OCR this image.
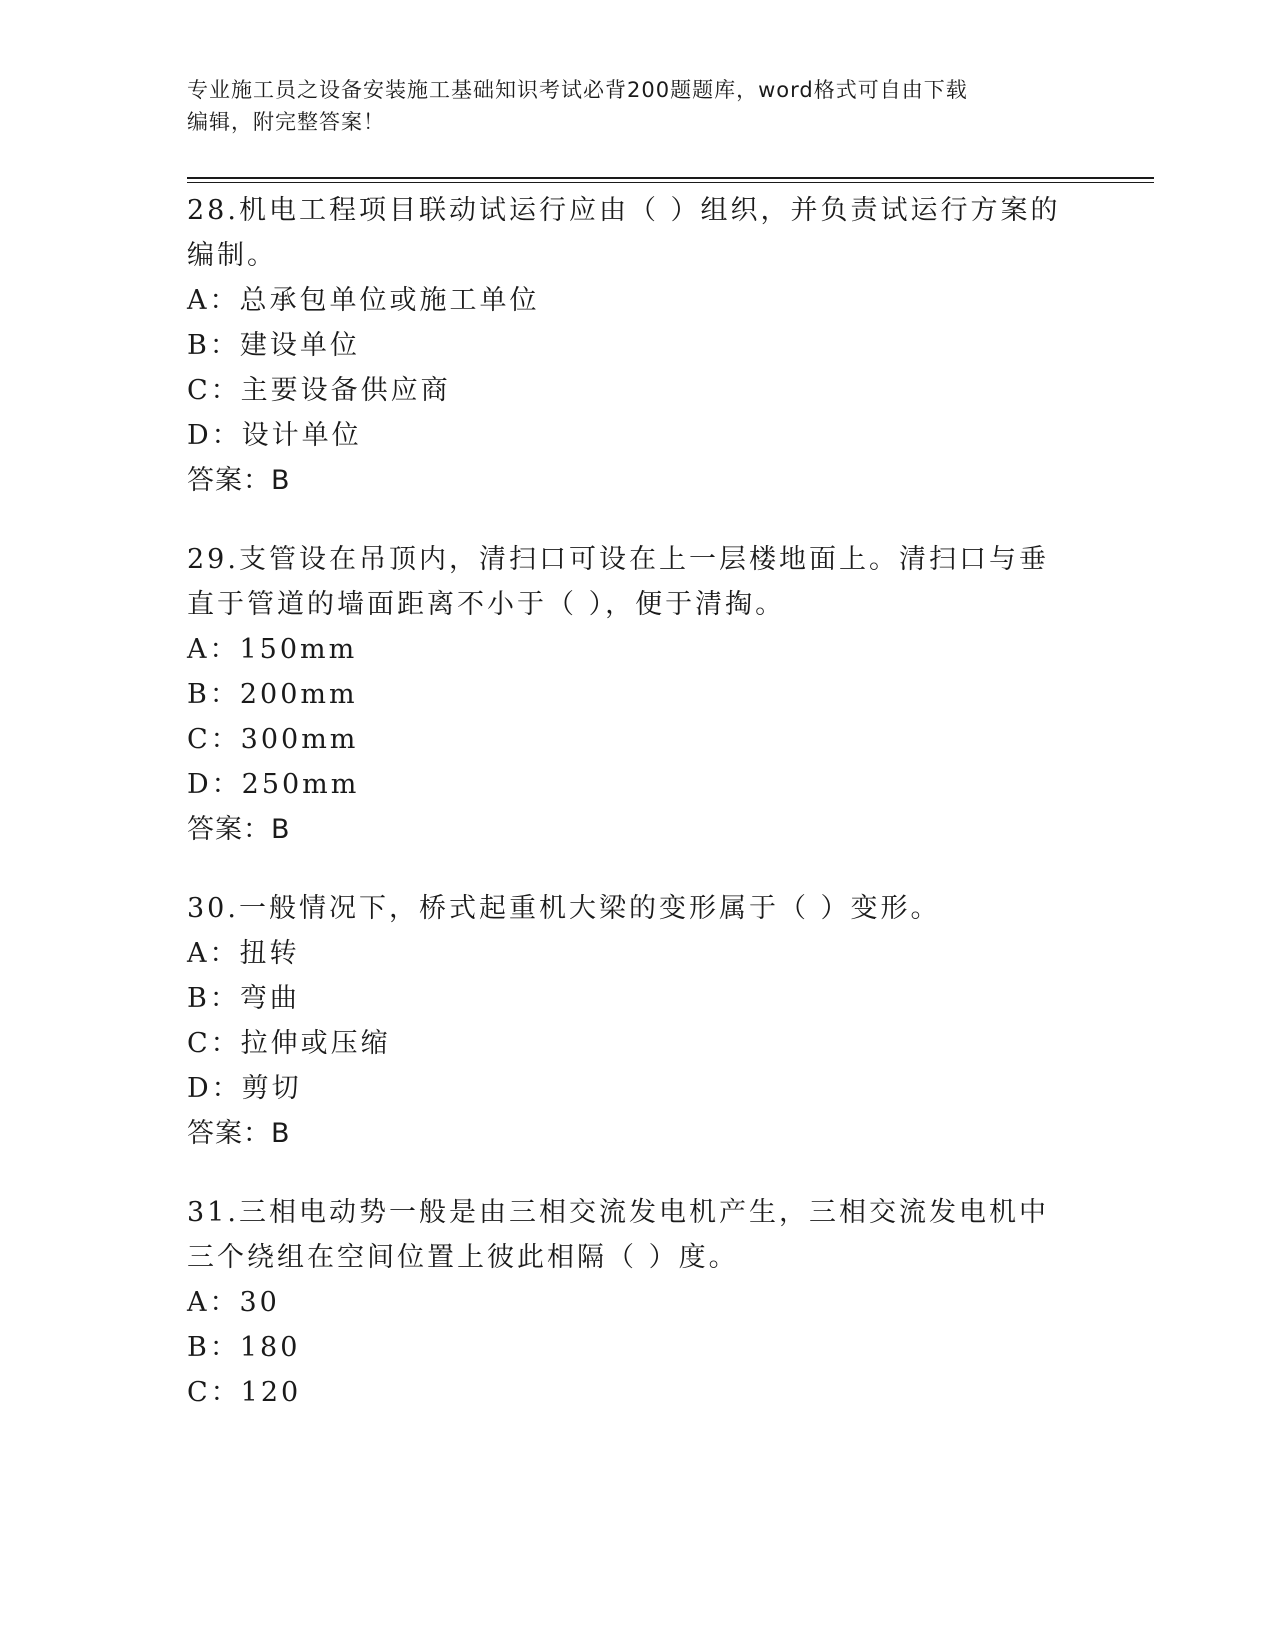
专业施工员之设备安装施工基础知识考试必背200题题库，word格式可自由下载
编辑，附完整答案！

28.机电工程项目联动试运行应由（ ）组织，并负责试运行方案的编制。

A：总承包单位或施工单位

B：建设单位

C：主要设备供应商

D：设计单位

答案：B

29.支管设在吊顶内，清扫口可设在上一层楼地面上。清扫口与垂直于管道的墙面距离不小于（ ），便于清掏。

A：150mm

B：200mm

C：300mm

D：250mm

答案：B

30.一般情况下，桥式起重机大梁的变形属于（ ）变形。

A：扭转

B：弯曲

C：拉伸或压缩

D：剪切

答案：B

31.三相电动势一般是由三相交流发电机产生，三相交流发电机中三个绕组在空间位置上彼此相隔（ ）度。

A：30

B：180

C：120
